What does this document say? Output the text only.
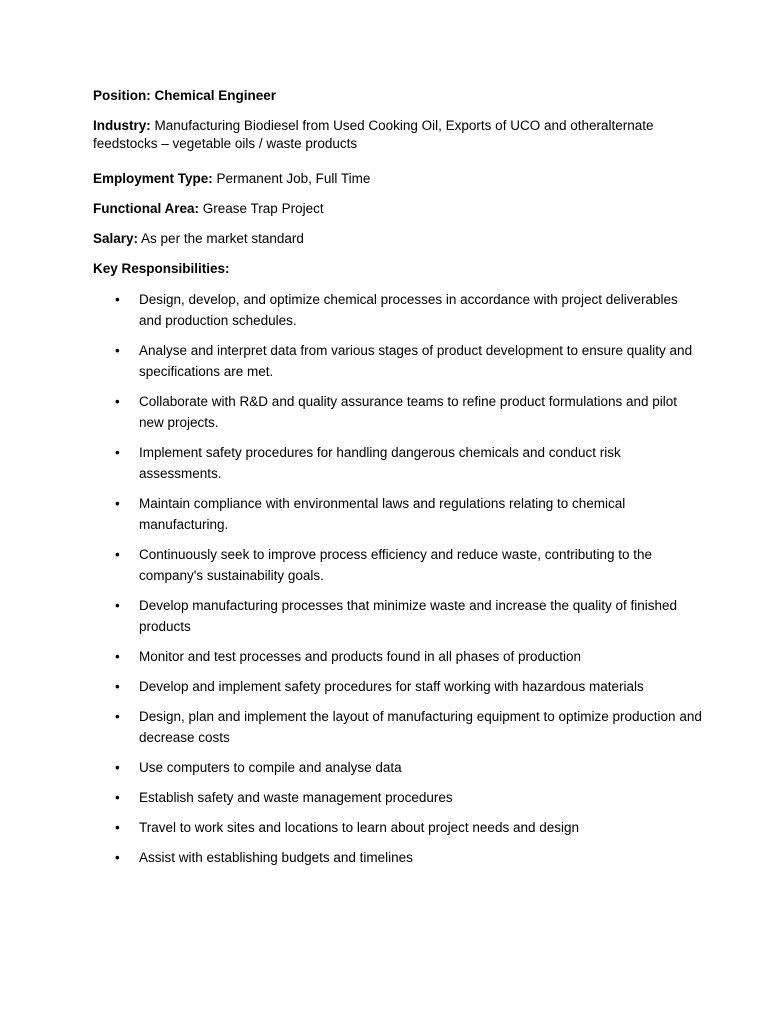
Position: Chemical Engineer

Industry: Manufacturing Biodiesel from Used Cooking Oil, Exports of UCO and otheralternate feedstocks – vegetable oils / waste products

Employment Type: Permanent Job, Full Time

Functional Area: Grease Trap Project

Salary: As per the market standard

Key Responsibilities:

•
Design, develop, and optimize chemical processes in accordance with project deliverables and production schedules.
•
Analyse and interpret data from various stages of product development to ensure quality and specifications are met.
•
Collaborate with R&D and quality assurance teams to refine product formulations and pilot new projects.
•
Implement safety procedures for handling dangerous chemicals and conduct risk assessments.
•
Maintain compliance with environmental laws and regulations relating to chemical manufacturing.
•
Continuously seek to improve process efficiency and reduce waste, contributing to the company's sustainability goals.
•
Develop manufacturing processes that minimize waste and increase the quality of finished products
•
Monitor and test processes and products found in all phases of production
•
Develop and implement safety procedures for staff working with hazardous materials
•
Design, plan and implement the layout of manufacturing equipment to optimize production and decrease costs
•
Use computers to compile and analyse data
•
Establish safety and waste management procedures
•
Travel to work sites and locations to learn about project needs and design
•
Assist with establishing budgets and timelines
